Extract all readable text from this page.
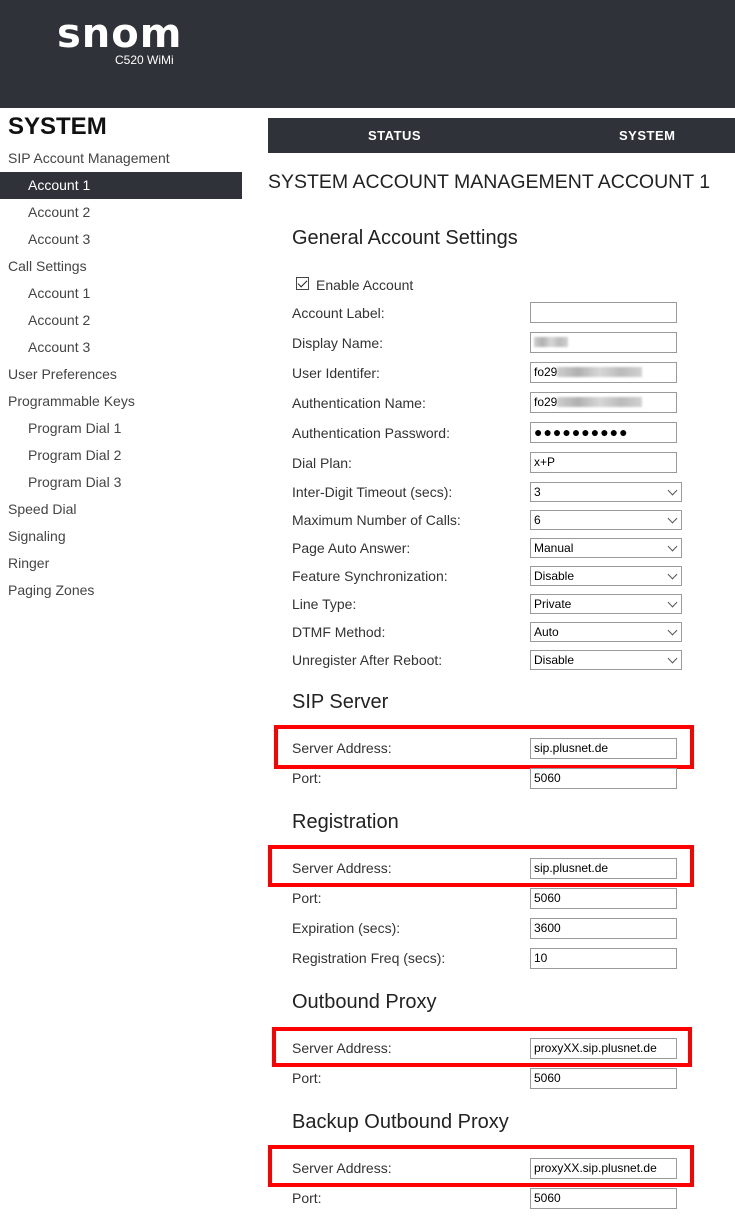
snom
C520 WiMi
SYSTEM
SIP Account Management
Account 1
Account 2
Account 3
Call Settings
Account 1
Account 2
Account 3
User Preferences
Programmable Keys
Program Dial 1
Program Dial 2
Program Dial 3
Speed Dial
Signaling
Ringer
Paging Zones
STATUS	SYSTEM
SYSTEM ACCOUNT MANAGEMENT ACCOUNT 1
General Account Settings
Enable Account
Account Label:
Display Name:
User Identifer:	fo29
Authentication Name:	fo29
Authentication Password:	●●●●●●●●●●
Dial Plan:	x+P
Inter-Digit Timeout (secs):	3
Maximum Number of Calls:	6
Page Auto Answer:	Manual
Feature Synchronization:	Disable
Line Type:	Private
DTMF Method:	Auto
Unregister After Reboot:	Disable
SIP Server
Server Address:	sip.plusnet.de
Port:	5060
Registration
Server Address:	sip.plusnet.de
Port:	5060
Expiration (secs):	3600
Registration Freq (secs):	10
Outbound Proxy
Server Address:	proxyXX.sip.plusnet.de
Port:	5060
Backup Outbound Proxy
Server Address:	proxyXX.sip.plusnet.de
Port:	5060
